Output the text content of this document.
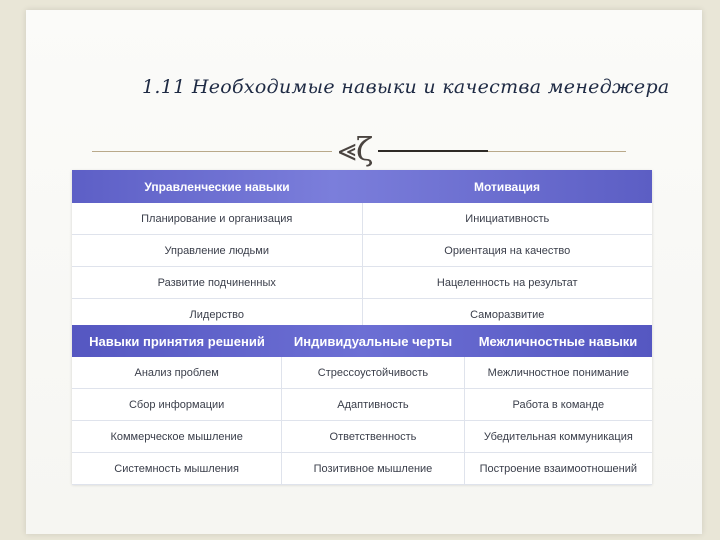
1.11 Необходимые навыки и качества менеджера
⪡ζ
Управленческие навыки	Мотивация
Планирование и организация	Инициативность
Управление людьми	Ориентация на качество
Развитие подчиненных	Нацеленность на результат
Лидерство	Саморазвитие
Навыки принятия решений	Индивидуальные черты	Межличностные навыки
Анализ проблем	Стрессоустойчивость	Межличностное понимание
Сбор информации	Адаптивность	Работа в команде
Коммерческое мышление	Ответственность	Убедительная коммуникация
Системность мышления	Позитивное мышление	Построение взаимоотношений
